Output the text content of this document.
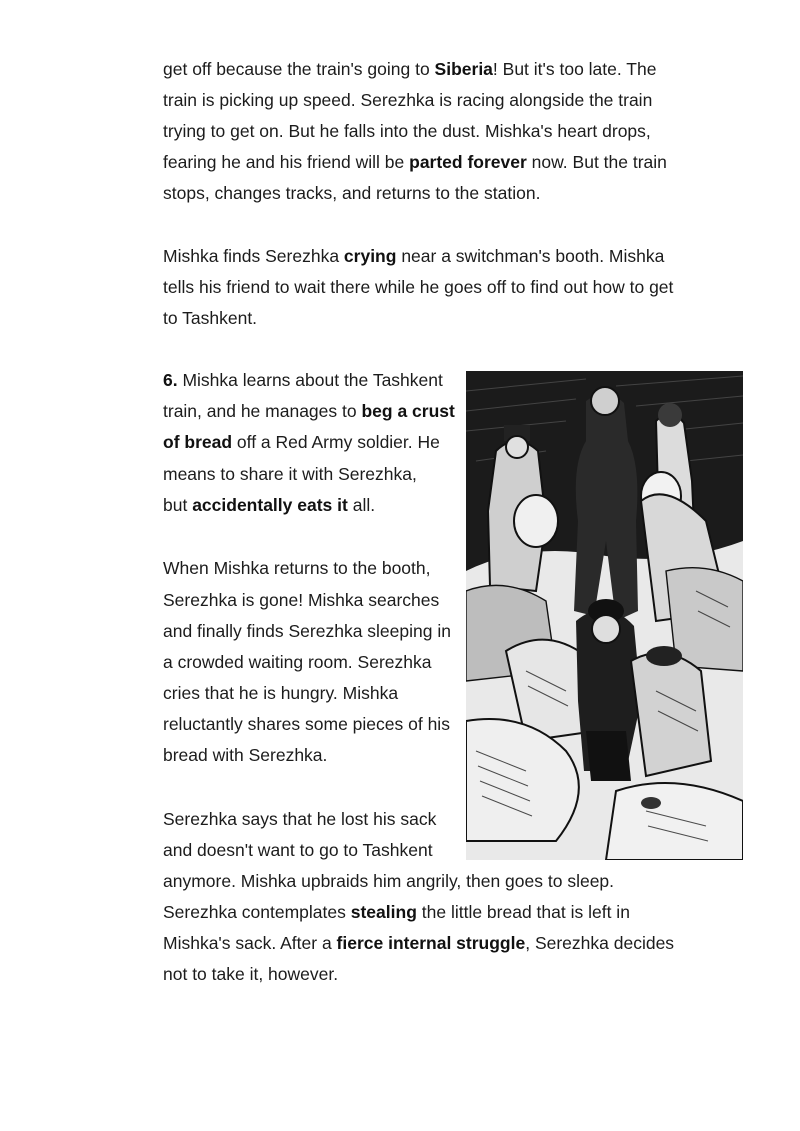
get off because the train's going to Siberia! But it's too late. The
train is picking up speed. Serezhka is racing alongside the train
trying to get on. But he falls into the dust. Mishka's heart drops,
fearing he and his friend will be parted forever now. But the train
stops, changes tracks, and returns to the station.
Mishka finds Serezhka crying near a switchman's booth. Mishka
tells his friend to wait there while he goes off to find out how to get
to Tashkent.
6. Mishka learns about the Tashkent
train, and he manages to beg a crust
of bread off a Red Army soldier. He
means to share it with Serezhka,
but accidentally eats it all.
When Mishka returns to the booth,
Serezhka is gone! Mishka searches
and finally finds Serezhka sleeping in
a crowded waiting room. Serezhka
cries that he is hungry. Mishka
reluctantly shares some pieces of his
bread with Serezhka.
Serezhka says that he lost his sack
and doesn't want to go to Tashkent
anymore. Mishka upbraids him angrily, then goes to sleep.
Serezhka contemplates stealing the little bread that is left in
Mishka's sack. After a fierce internal struggle, Serezhka decides
not to take it, however.
